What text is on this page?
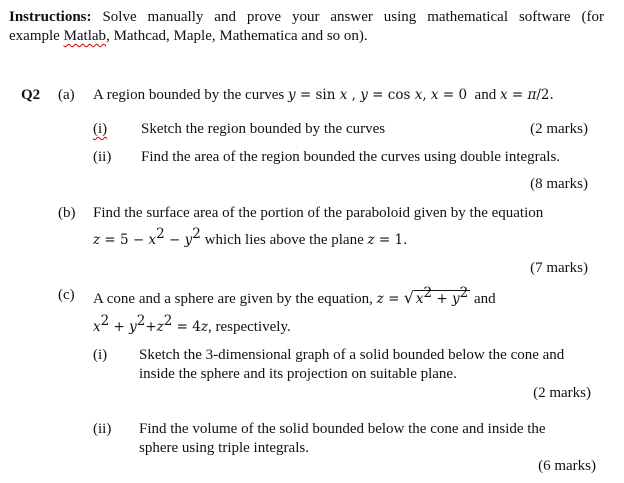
Instructions: Solve manually and prove your answer using mathematical software (for
example Matlab, Mathcad, Maple, Mathematica and so on).
Q2 (a) A region bounded by the curves y = sin x , y = cos x, x = 0  and x = π/2.
(i) Sketch the region bounded by the curves	(2 marks)
(ii) Find the area of the region bounded the curves using double integrals.
(8 marks)
(b) Find the surface area of the portion of the paraboloid given by the equation
$z = 5 - x^2 - y^2$ which lies above the plane z = 1.
(7 marks)
(c) A cone and a sphere are given by the equation, z = √ $x^2 + y^2$ and
$x^2 + y^2+z^2 = 4z$, respectively.
(i) Sketch the 3-dimensional graph of a solid bounded below the cone and
inside the sphere and its projection on suitable plane.
(2 marks)
(ii) Find the volume of the solid bounded below the cone and inside the
sphere using triple integrals.
(6 marks)
